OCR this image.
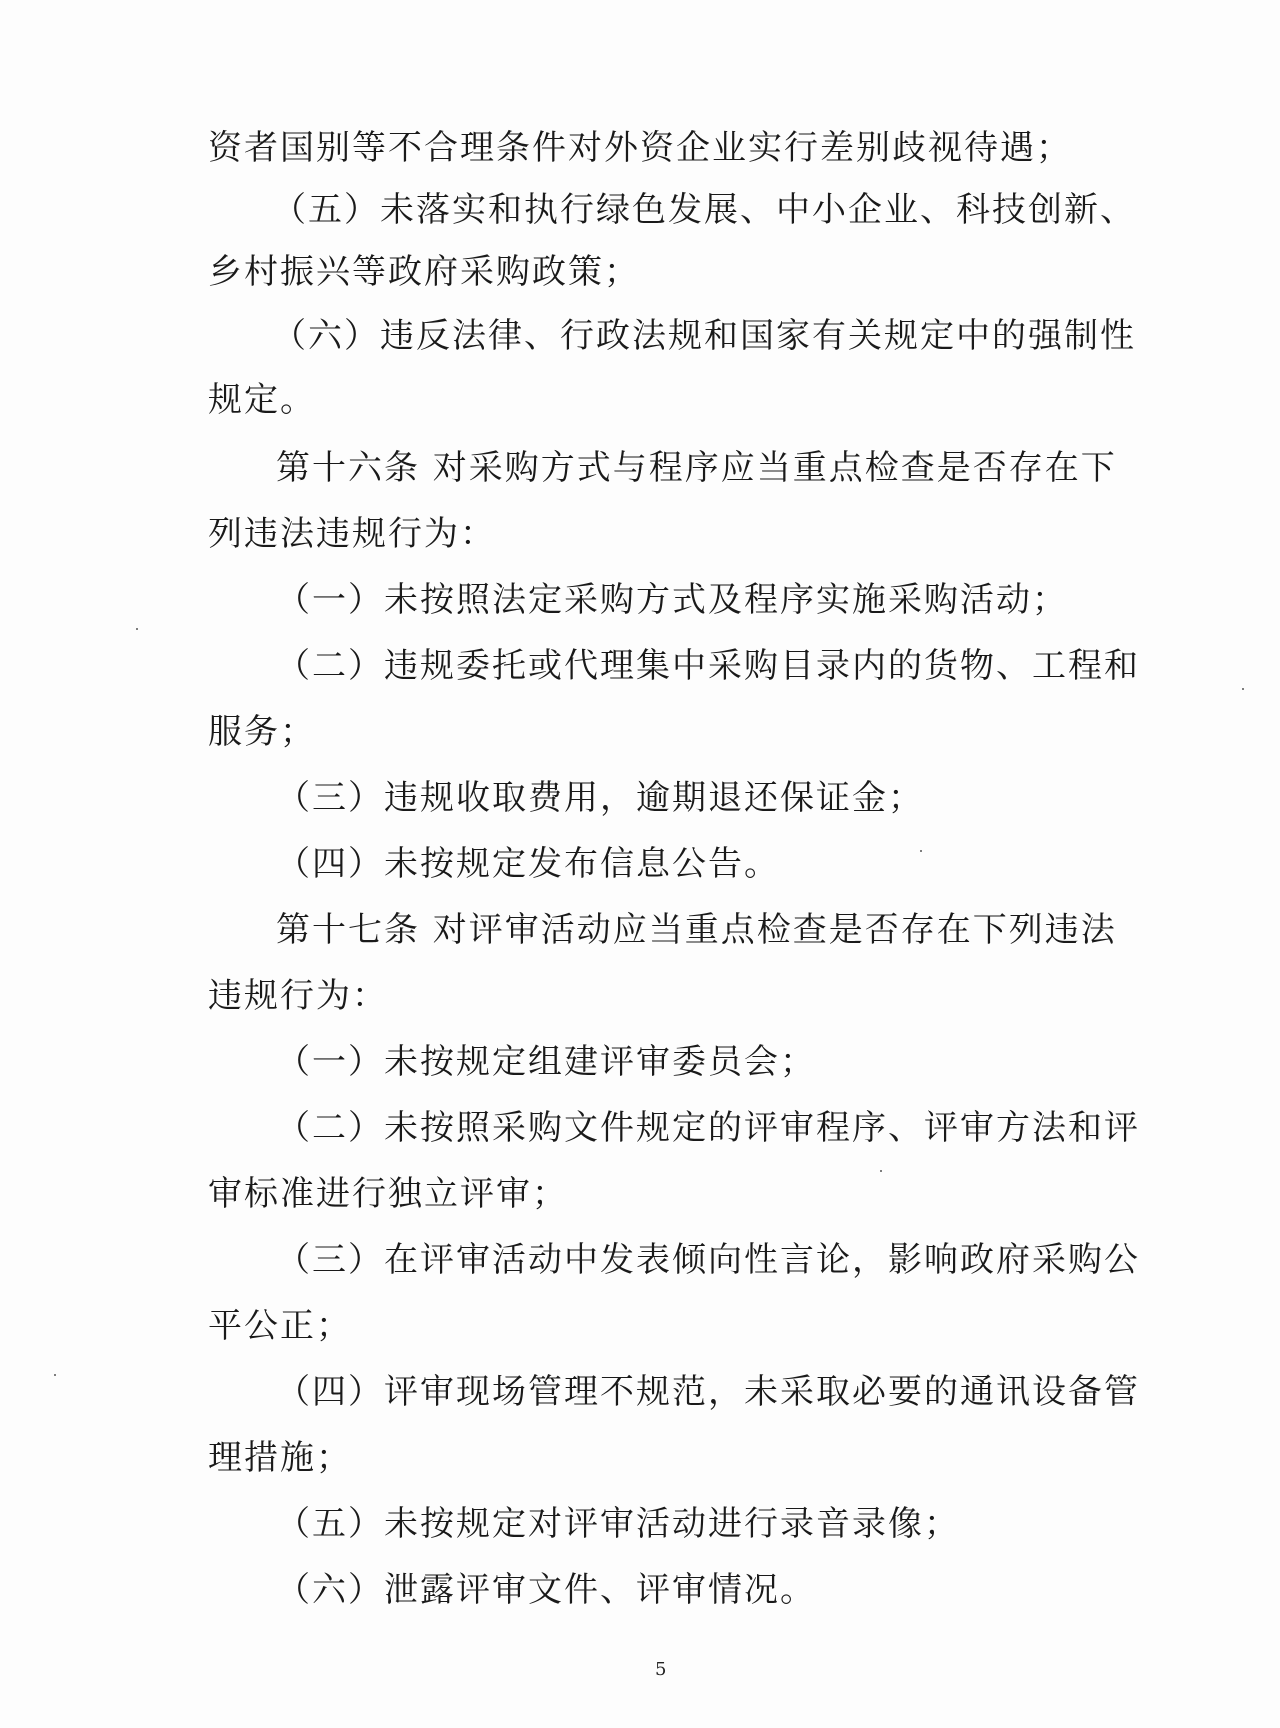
资者国别等不合理条件对外资企业实行差别歧视待遇；
（五）未落实和执行绿色发展、中小企业、科技创新、
乡村振兴等政府采购政策；
（六）违反法律、行政法规和国家有关规定中的强制性
规定。
第十六条 对采购方式与程序应当重点检查是否存在下
列违法违规行为：
（一）未按照法定采购方式及程序实施采购活动；
（二）违规委托或代理集中采购目录内的货物、工程和
服务；
（三）违规收取费用，逾期退还保证金；
（四）未按规定发布信息公告。
第十七条 对评审活动应当重点检查是否存在下列违法
违规行为：
（一）未按规定组建评审委员会；
（二）未按照采购文件规定的评审程序、评审方法和评
审标准进行独立评审；
（三）在评审活动中发表倾向性言论，影响政府采购公
平公正；
（四）评审现场管理不规范，未采取必要的通讯设备管
理措施；
（五）未按规定对评审活动进行录音录像；
（六）泄露评审文件、评审情况。
5
